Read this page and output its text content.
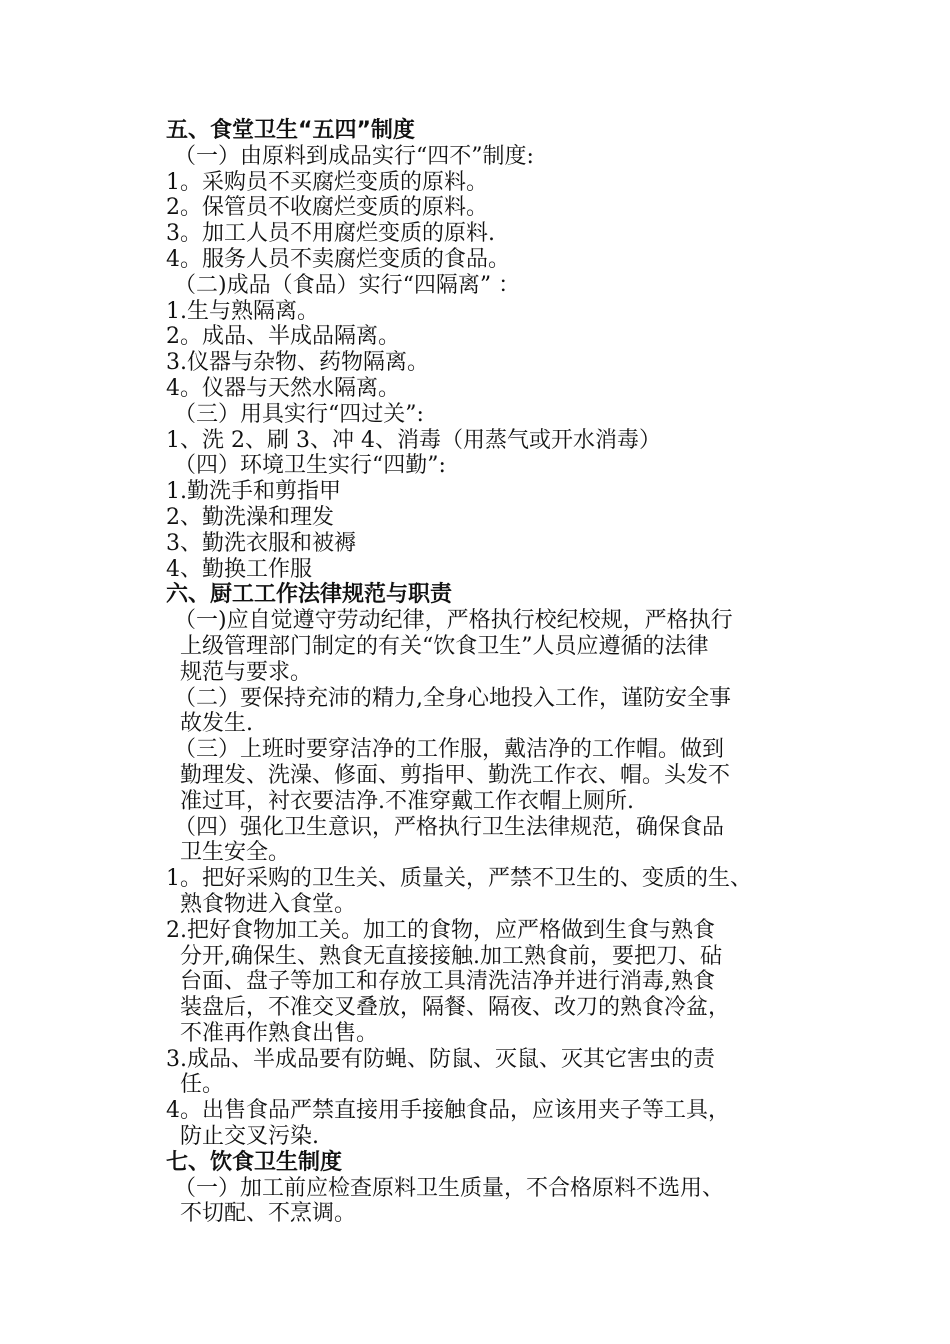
五、食堂卫生“五四”制度

（一）由原料到成品实行“四不”制度:

1。采购员不买腐烂变质的原料。

2。保管员不收腐烂变质的原料。

3。加工人员不用腐烂变质的原料.

4。服务人员不卖腐烂变质的食品。

（二)成品（食品）实行“四隔离” ：

1.生与熟隔离。

2。成品、半成品隔离。

3.仪器与杂物、药物隔离。

4。仪器与天然水隔离。

（三）用具实行“四过关”:

1、洗 2、刷 3、冲 4、消毒（用蒸气或开水消毒）

（四）环境卫生实行“四勤”:

1.勤洗手和剪指甲

2、勤洗澡和理发

3、勤洗衣服和被褥

4、勤换工作服

六、厨工工作法律规范与职责

（一)应自觉遵守劳动纪律，严格执行校纪校规，严格执行

上级管理部门制定的有关“饮食卫生”人员应遵循的法律

规范与要求。

（二）要保持充沛的精力,全身心地投入工作，谨防安全事

故发生.

（三）上班时要穿洁净的工作服，戴洁净的工作帽。做到

勤理发、洗澡、修面、剪指甲、勤洗工作衣、帽。头发不

准过耳，衬衣要洁净.不准穿戴工作衣帽上厕所.

（四）强化卫生意识，严格执行卫生法律规范，确保食品

卫生安全。

1。把好采购的卫生关、质量关，严禁不卫生的、变质的生、

熟食物进入食堂。

2.把好食物加工关。加工的食物，应严格做到生食与熟食

分开,确保生、熟食无直接接触.加工熟食前，要把刀、砧

台面、盘子等加工和存放工具清洗洁净并进行消毒,熟食

装盘后，不准交叉叠放，隔餐、隔夜、改刀的熟食冷盆，

不准再作熟食出售。

3.成品、半成品要有防蝇、防鼠、灭鼠、灭其它害虫的责

任。

4。出售食品严禁直接用手接触食品，应该用夹子等工具，

防止交叉污染.

七、饮食卫生制度

（一）加工前应检查原料卫生质量，不合格原料不选用、

不切配、不烹调。
